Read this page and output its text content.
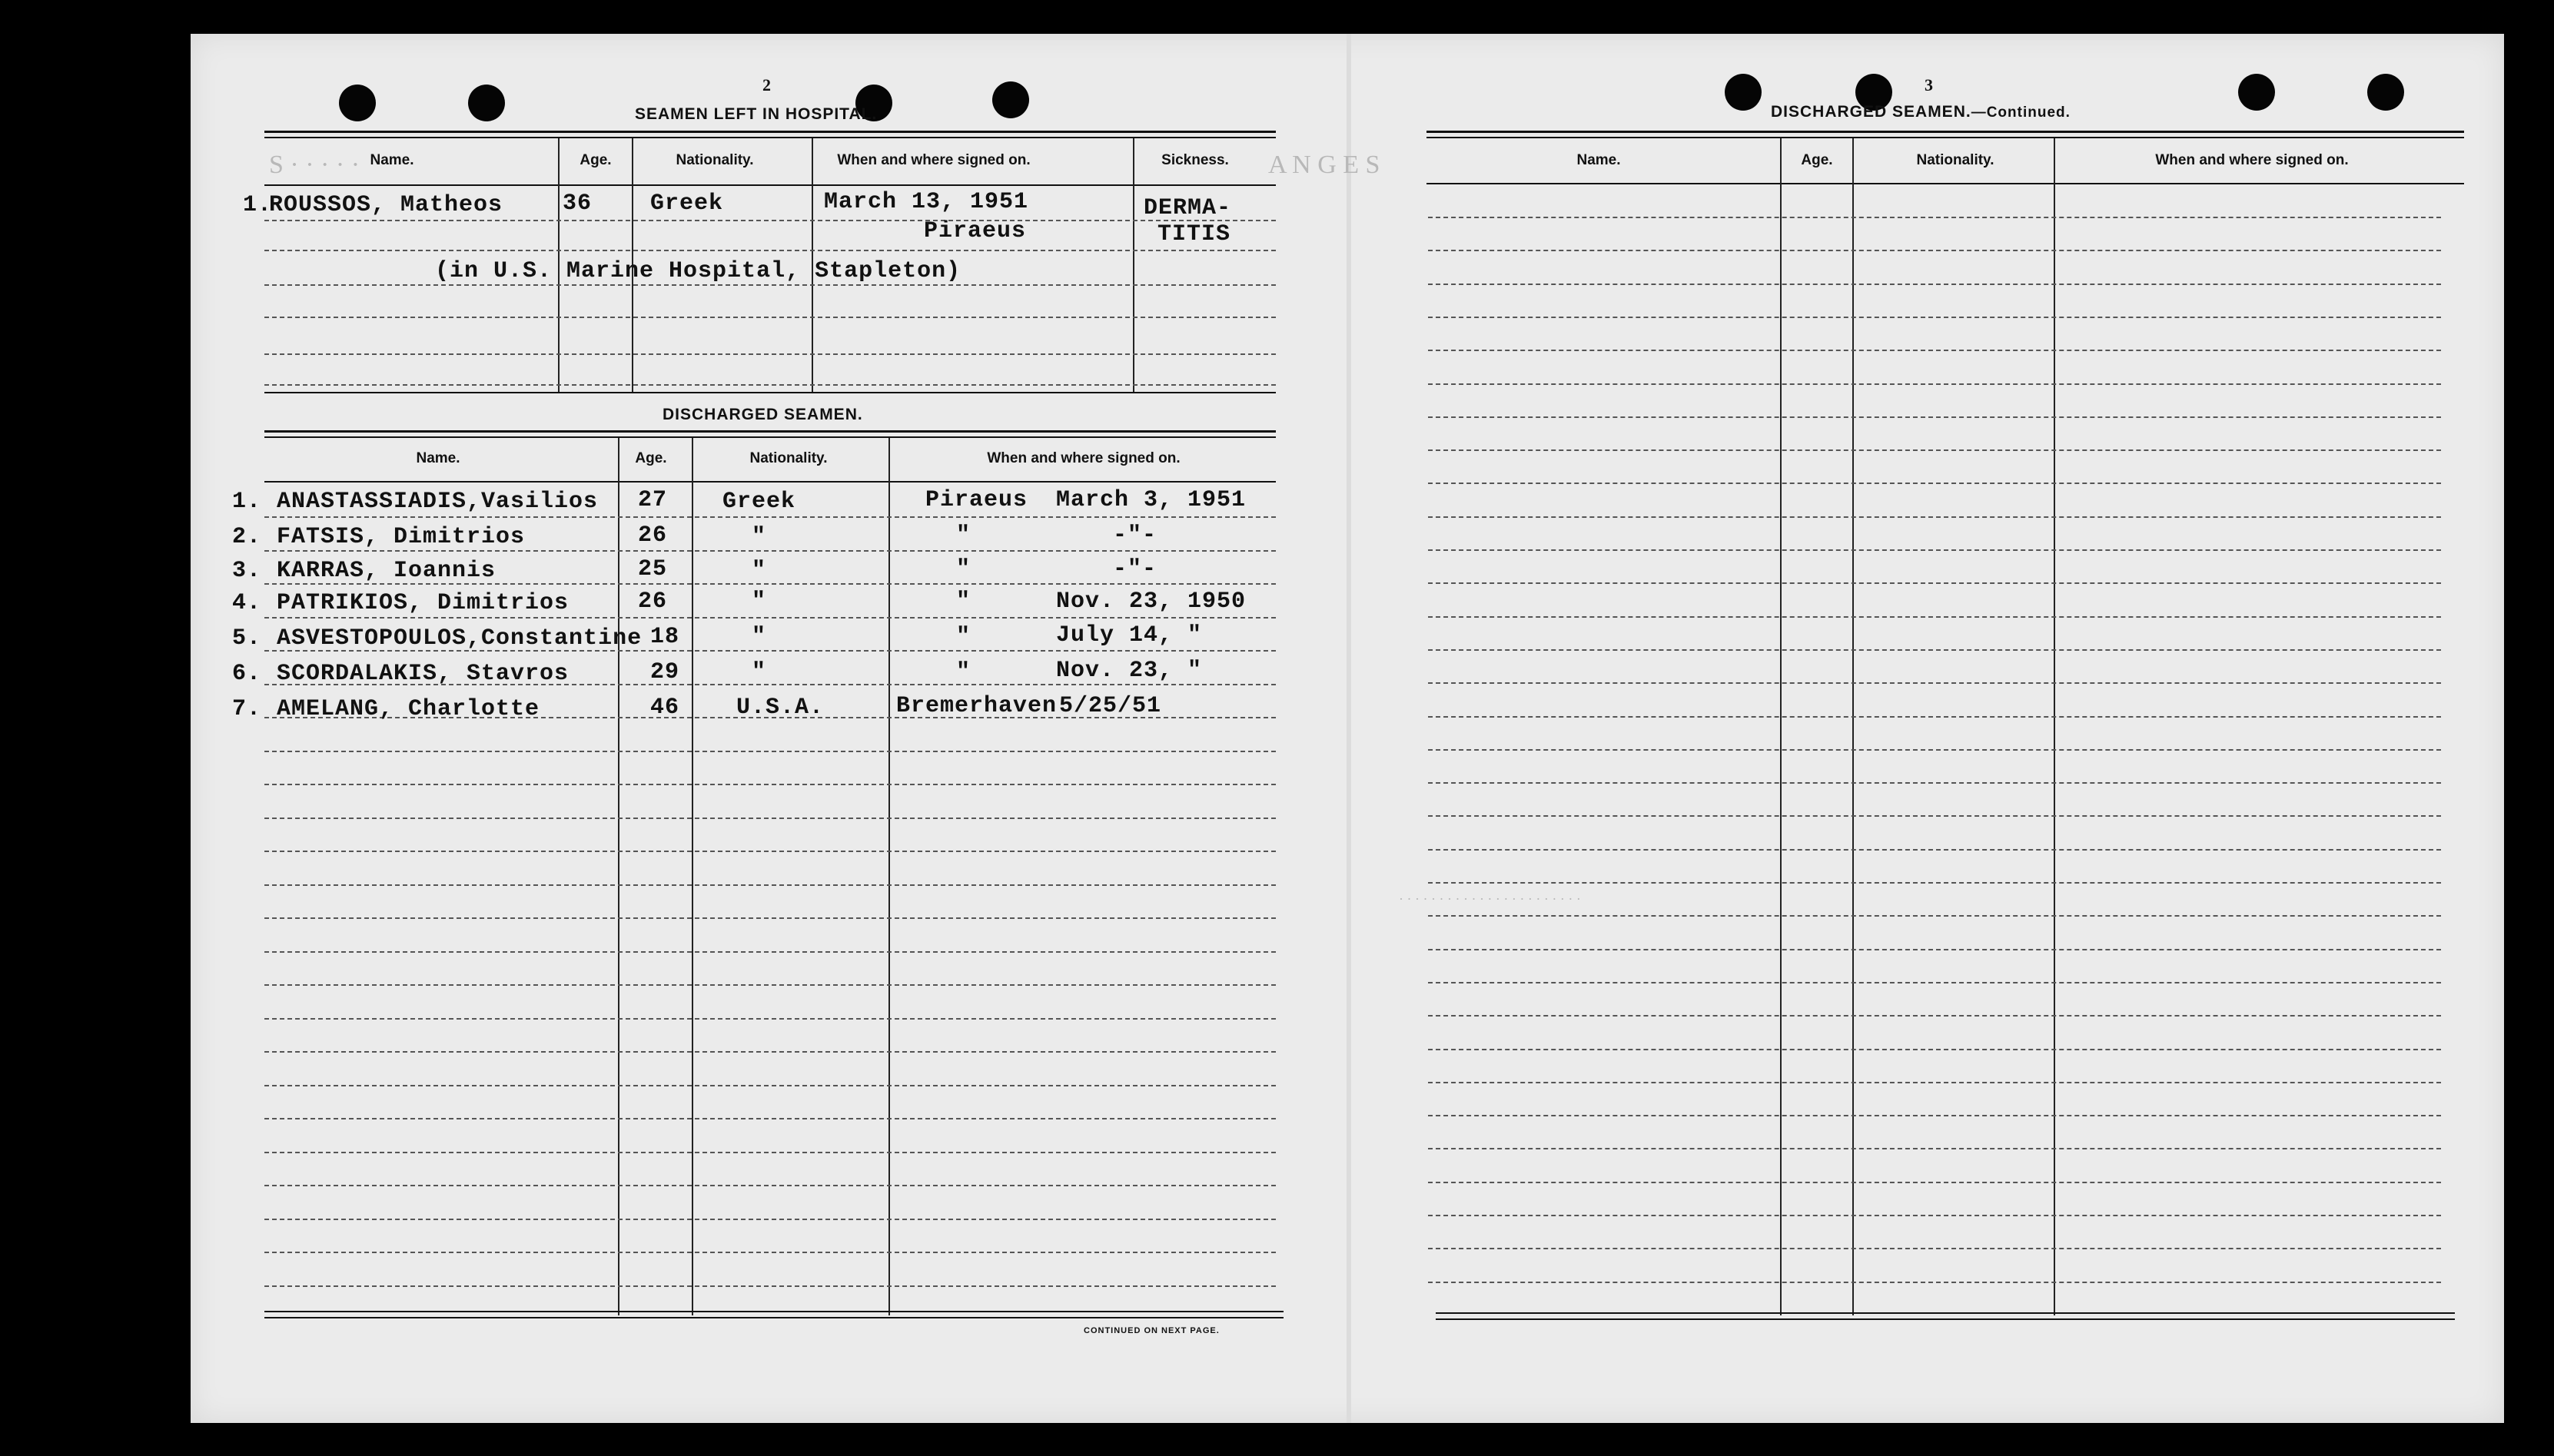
S · · · · ·	A N G E S
· · · · · · · · · · · · · · · · · · · · · · ·
2
SEAMEN LEFT IN HOSPITAL.
Name.	Age.	Nationality.	When and where signed on.	Sickness.
1.
ROUSSOS, Matheos	36	Greek	March 13, 1951
Piraeus
DERMA-
TITIS
(in U.S. Marine Hospital, Stapleton)
DISCHARGED SEAMEN.
Name.	Age.	Nationality.	When and where signed on.
CONTINUED ON NEXT PAGE.
1. ANASTASSIADIS,Vasilios 27 Greek	Piraeus March 3, 1951
2. FATSIS, Dimitrios	26	"	"	-"-
3. KARRAS, Ioannis	25	"	"	-"-
4. PATRIKIOS, Dimitrios	26	"	"	Nov. 23, 1950
5. ASVESTOPOULOS,Constantine 18	"	"	July 14, "
6. SCORDALAKIS, Stavros	29	"	"	Nov. 23, "
7. AMELANG, Charlotte	46 U.S.A.	Bremerhaven 5/25/51
3
DISCHARGED SEAMEN.—Continued.
Name.	Age.	Nationality.	When and where signed on.
